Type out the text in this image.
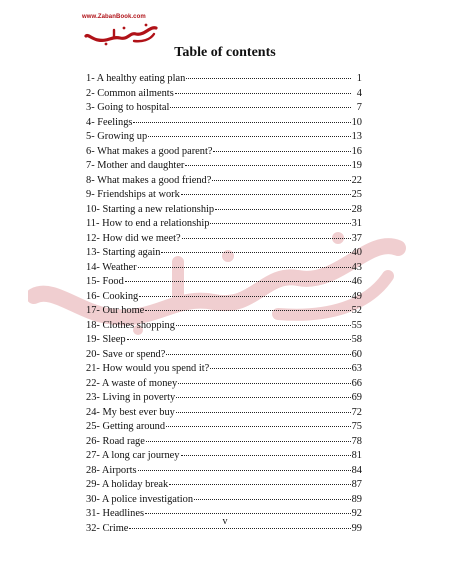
www.ZabanBook.com
Table of contents
1- A healthy eating plan	1
2- Common ailments	4
3- Going to hospital	7
4- Feelings	10
5- Growing up	13
6- What makes a good parent?	16
7- Mother and daughter	19
8- What makes a good friend?	22
9- Friendships at work	25
10- Starting a new relationship	28
11- How to end a relationship	31
12- How did we meet?	37
13- Starting again	40
14- Weather	43
15- Food	46
16- Cooking	49
17- Our home	52
18- Clothes shopping	55
19- Sleep	58
20- Save or spend?	60
21- How would you spend it?	63
22- A waste of money	66
23- Living in poverty	69
24- My best ever buy	72
25- Getting around	75
26- Road rage	78
27- A long car journey	81
28- Airports	84
29- A holiday break	87
30- A police investigation	89
31- Headlines	92
32- Crime	99
v
